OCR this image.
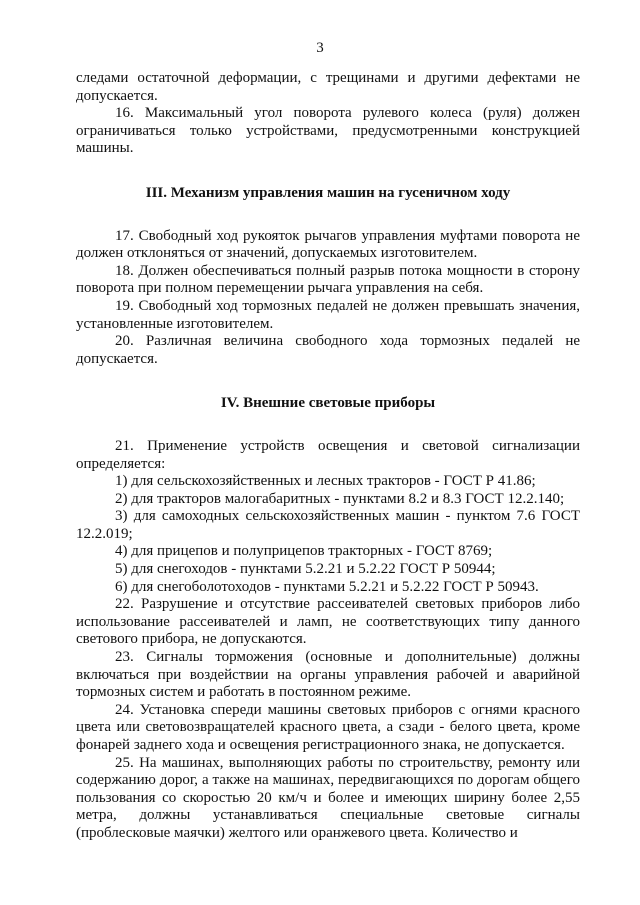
3

следами остаточной деформации, с трещинами и другими дефектами не допускается.

16. Максимальный угол поворота рулевого колеса (руля) должен ограничиваться только устройствами, предусмотренными конструкцией машины.

III. Механизм управления машин на гусеничном ходу

17. Свободный ход рукояток рычагов управления муфтами поворота не должен отклоняться от значений, допускаемых изготовителем.

18. Должен обеспечиваться полный разрыв потока мощности в сторону поворота при полном перемещении рычага управления на себя.

19. Свободный ход тормозных педалей не должен превышать значения, установленные изготовителем.

20. Различная величина свободного хода тормозных педалей не допускается.

IV. Внешние световые приборы

21. Применение устройств освещения и световой сигнализации определяется:

1) для сельскохозяйственных и лесных тракторов - ГОСТ Р 41.86;
2) для тракторов малогабаритных - пунктами 8.2 и 8.3 ГОСТ 12.2.140;
3) для самоходных сельскохозяйственных машин - пунктом 7.6 ГОСТ 12.2.019;
4) для прицепов и полуприцепов тракторных - ГОСТ 8769;
5) для снегоходов - пунктами 5.2.21 и 5.2.22 ГОСТ Р 50944;
6) для снегоболотоходов - пунктами 5.2.21 и 5.2.22 ГОСТ Р 50943.

22. Разрушение и отсутствие рассеивателей световых приборов либо использование рассеивателей и ламп, не соответствующих типу данного светового прибора, не допускаются.

23. Сигналы торможения (основные и дополнительные) должны включаться при воздействии на органы управления рабочей и аварийной тормозных систем и работать в постоянном режиме.

24. Установка спереди машины световых приборов с огнями красного цвета или световозвращателей красного цвета, а сзади - белого цвета, кроме фонарей заднего хода и освещения регистрационного знака, не допускается.

25. На машинах, выполняющих работы по строительству, ремонту или содержанию дорог, а также на машинах, передвигающихся по дорогам общего пользования со скоростью 20 км/ч и более и имеющих ширину более 2,55 метра, должны устанавливаться специальные световые сигналы (проблесковые маячки) желтого или оранжевого цвета. Количество и
